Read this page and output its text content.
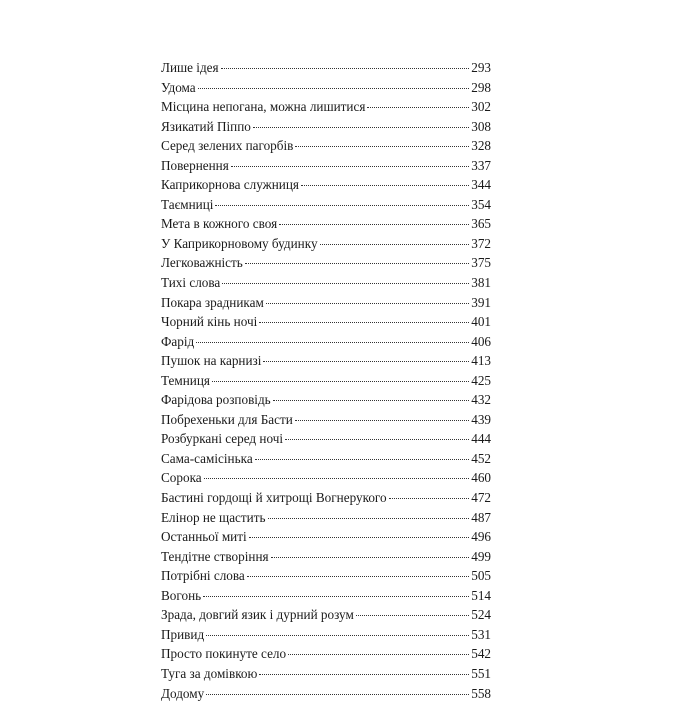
Лише ідея	293
Удома	298
Місцина непогана, можна лишитися	302
Язикатий Піппо	308
Серед зелених пагорбів	328
Повернення	337
Каприкорнова служниця	344
Таємниці	354
Мета в кожного своя	365
У Каприкорновому будинку	372
Легковажність	375
Тихі слова	381
Покара зрадникам	391
Чорний кінь ночі	401
Фарід	406
Пушок на карнизі	413
Темниця	425
Фарідова розповідь	432
Побрехеньки для Басти	439
Розбуркані серед ночі	444
Сама-самісінька	452
Сорока	460
Бастині гордощі й хитрощі Вогнерукого	472
Елінор не щастить	487
Останньої миті	496
Тендітне створіння	499
Потрібні слова	505
Вогонь	514
Зрада, довгий язик і дурний розум	524
Привид	531
Просто покинуте село	542
Туга за домівкою	551
Додому	558
